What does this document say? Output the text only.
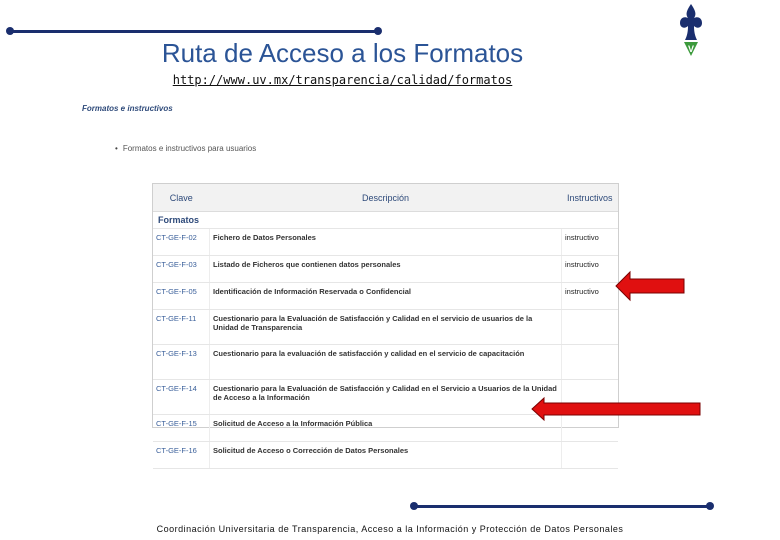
V
Ruta de Acceso a los Formatos
http://www.uv.mx/transparencia/calidad/formatos
Formatos e instructivos
• Formatos e instructivos para usuarios
Clave	Descripción	Instructivos
Formatos		
CT-GE-F-02	Fichero de Datos Personales	instructivo
CT-GE-F-03	Listado de Ficheros que contienen datos personales	instructivo
CT-GE-F-05	Identificación de Información Reservada o Confidencial	instructivo
CT-GE-F-11	Cuestionario para la Evaluación de Satisfacción y Calidad en el servicio de usuarios de la Unidad de Transparencia	
CT-GE-F-13	Cuestionario para la evaluación de satisfacción y calidad en el servicio de capacitación	
CT-GE-F-14	Cuestionario para la Evaluación de Satisfacción y Calidad en el Servicio a Usuarios de la Unidad de Acceso a la Información	
CT-GE-F-15	Solicitud de Acceso a la Información Pública	
CT-GE-F-16	Solicitud de Acceso o Corrección de Datos Personales	
Coordinación Universitaria de Transparencia, Acceso a la Información y Protección de Datos Personales
